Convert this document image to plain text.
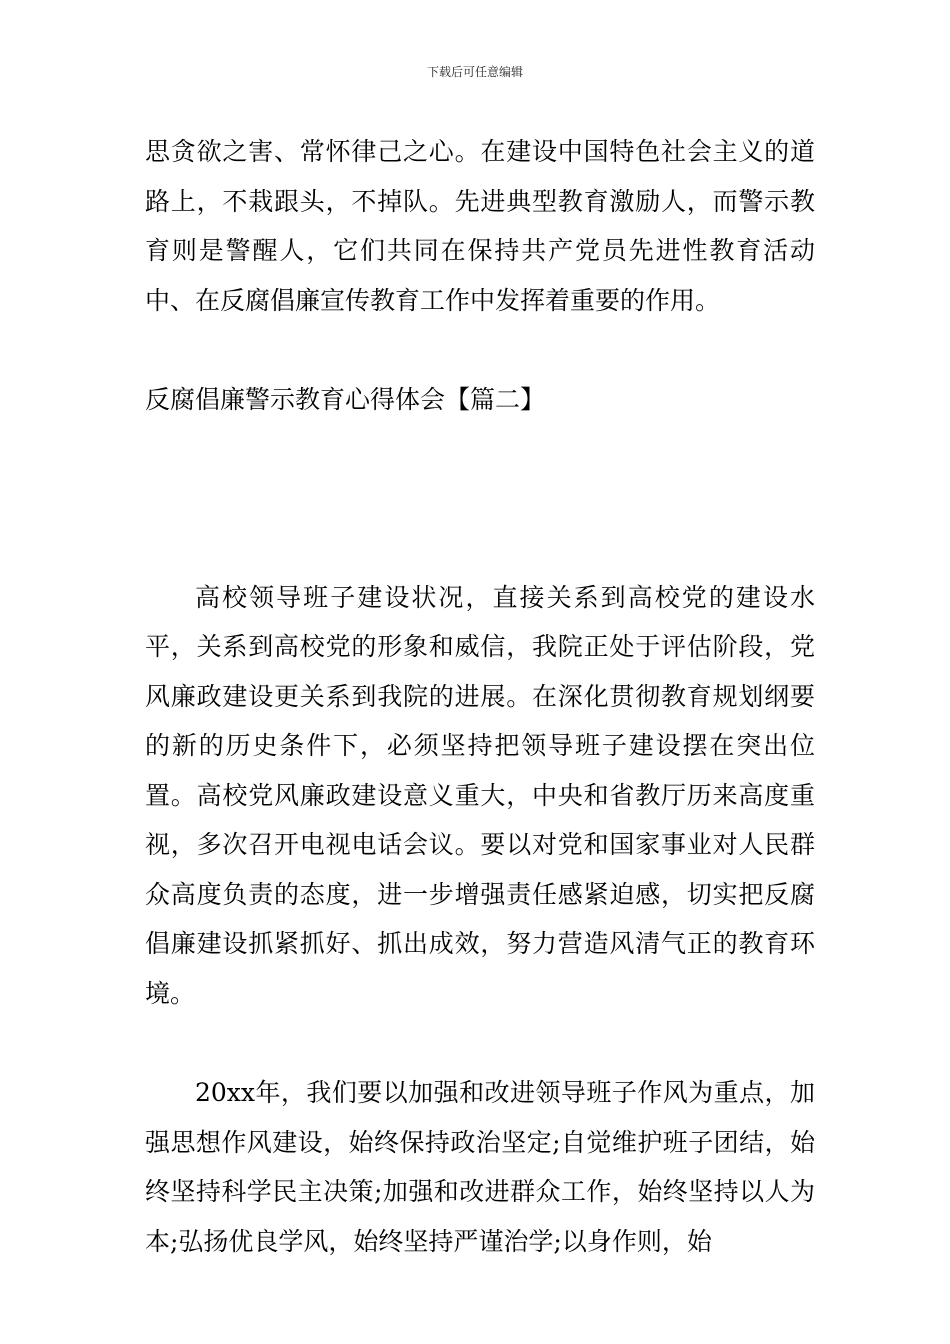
下载后可任意编辑

思贪欲之害、常怀律己之心。在建设中国特色社会主义的道路上，不栽跟头，不掉队。先进典型教育激励人，而警示教育则是警醒人，它们共同在保持共产党员先进性教育活动中、在反腐倡廉宣传教育工作中发挥着重要的作用。

反腐倡廉警示教育心得体会【篇二】

高校领导班子建设状况，直接关系到高校党的建设水平，关系到高校党的形象和威信，我院正处于评估阶段，党风廉政建设更关系到我院的进展。在深化贯彻教育规划纲要的新的历史条件下，必须坚持把领导班子建设摆在突出位置。高校党风廉政建设意义重大，中央和省教厅历来高度重视，多次召开电视电话会议。要以对党和国家事业对人民群众高度负责的态度，进一步增强责任感紧迫感，切实把反腐倡廉建设抓紧抓好、抓出成效，努力营造风清气正的教育环境。

20xx年，我们要以加强和改进领导班子作风为重点，加强思想作风建设，始终保持政治坚定;自觉维护班子团结，始终坚持科学民主决策;加强和改进群众工作，始终坚持以人为本;弘扬优良学风，始终坚持严谨治学;以身作则，始
